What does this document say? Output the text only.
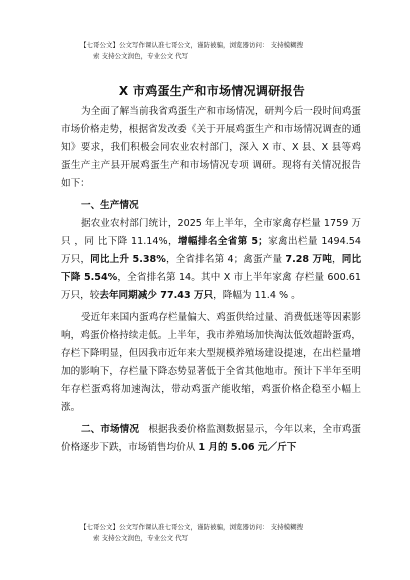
【七哥公文】公文写作课认准七哥公文，谨防被骗，浏览器访问： 支持模糊搜
索 支持公文润色，专业公文 代写
X 市鸡蛋生产和市场情况调研报告

为全面了解当前我省鸡蛋生产和市场情况，研判今后一段时间鸡蛋市场价格走势，根据省发改委《关于开展鸡蛋生产和市场情况调查的通知》要求，我们积极会同农业农村部门，深入 X 市、X 县、X 县等鸡蛋生产主产县开展鸡蛋生产和市场情况专项 调研。现将有关情况报告如下：

一、生产情况

据农业农村部门统计，2025 年上半年，全市家禽存栏量 1759 万只 ，同 比下降 11.14%，增幅排名全省第 5；家禽出栏量 1494.54 万只，同比上升 5.38%，全省排名第 4；禽蛋产量 7.28 万吨，同比下降 5.54%，全省排名第 14。其中 X 市上半年家禽 存栏量 600.61 万只，较去年同期减少 77.43 万只，降幅为 11.4 % 。

受近年来国内蛋鸡存栏量偏大、鸡蛋供给过量、消费低迷等因素影响，鸡蛋价格持续走低。上半年，我市养殖场加快淘汰低效超龄蛋鸡，存栏下降明显，但因我市近年来大型规模养殖场建设提速，在出栏量增加的影响下，存栏量下降态势显著低于全省其他地市。预计下半年至明年存栏蛋鸡将加速淘汰，带动鸡蛋产能收缩，鸡蛋价格企稳至小幅上涨。

二、市场情况 根据我委价格监测数据显示，今年以来，全市鸡蛋价格逐步下跌，市场销售均价从 1 月的 5.06 元／斤下

【七哥公文】公文写作课认准七哥公文，谨防被骗，浏览器访问： 支持模糊搜
索 支持公文润色，专业公文 代写
